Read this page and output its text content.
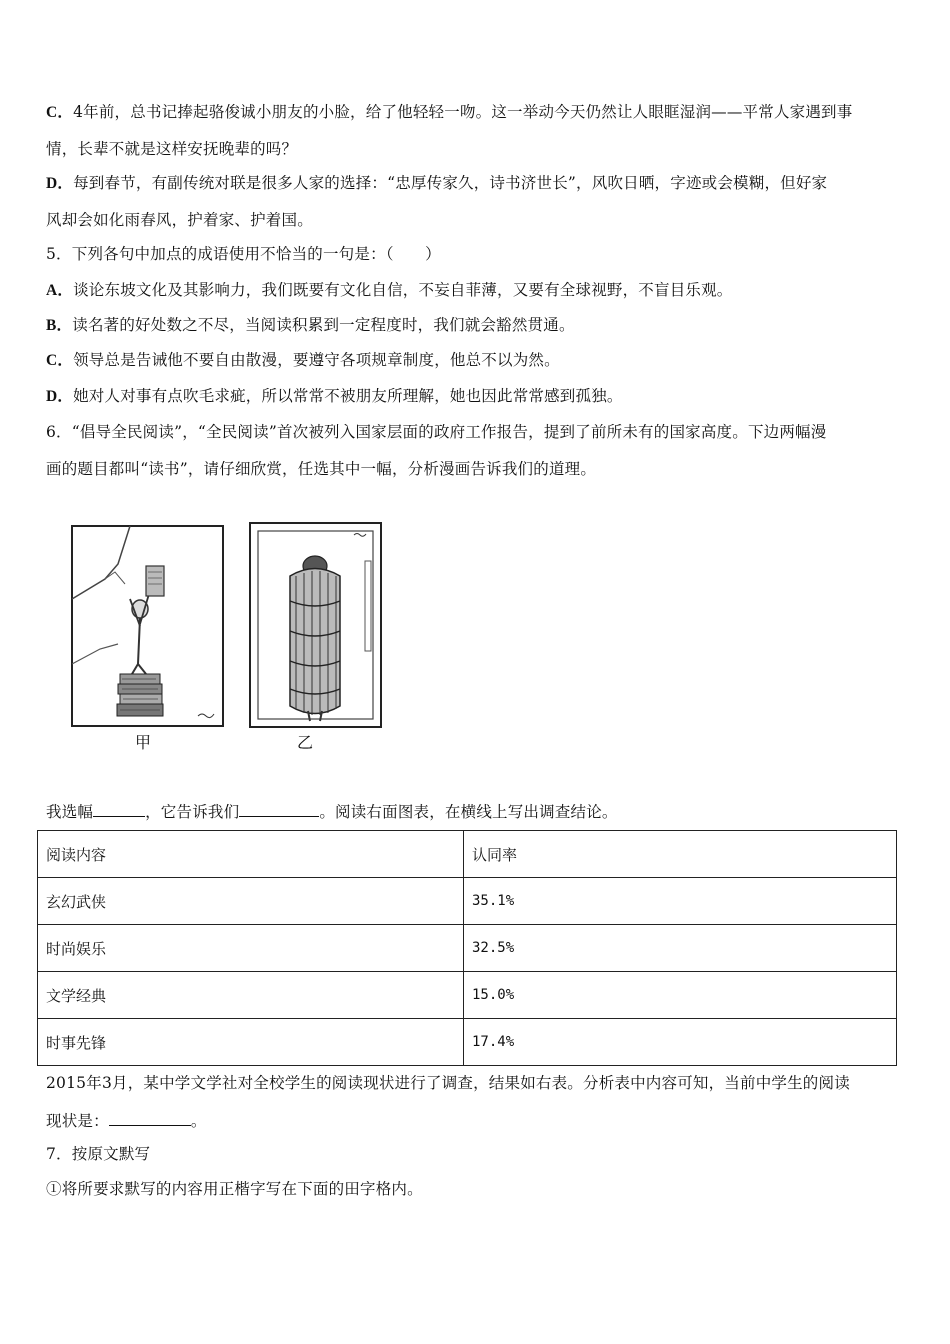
C．4年前，总书记捧起骆俊诚小朋友的小脸，给了他轻轻一吻。这一举动今天仍然让人眼眶湿润——平常人家遇到事
情，长辈不就是这样安抚晚辈的吗？
D．每到春节，有副传统对联是很多人家的选择：“忠厚传家久，诗书济世长”，风吹日晒，字迹或会模糊，但好家
风却会如化雨春风，护着家、护着国。
5．下列各句中加点的成语使用不恰当的一句是：（　　）
A．谈论东坡文化及其影响力，我们既要有文化自信，不妄自菲薄，又要有全球视野，不盲目乐观。
B．读名著的好处数之不尽，当阅读积累到一定程度时，我们就会豁然贯通。
C．领导总是告诫他不要自由散漫，要遵守各项规章制度，他总不以为然。
D．她对人对事有点吹毛求疵，所以常常不被朋友所理解，她也因此常常感到孤独。
6．“倡导全民阅读”，“全民阅读”首次被列入国家层面的政府工作报告，提到了前所未有的国家高度。下边两幅漫
画的题目都叫“读书”，请仔细欣赏，任选其中一幅，分析漫画告诉我们的道理。
甲	乙
我选幅	，它告诉我们	。阅读右面图表，在横线上写出调查结论。
阅读内容	认同率
玄幻武侠	35.1%
时尚娱乐	32.5%
文学经典	15.0%
时事先锋	17.4%
2015年3月，某中学文学社对全校学生的阅读现状进行了调查，结果如右表。分析表中内容可知，当前中学生的阅读
现状是：	。
7．按原文默写
①将所要求默写的内容用正楷字写在下面的田字格内。
